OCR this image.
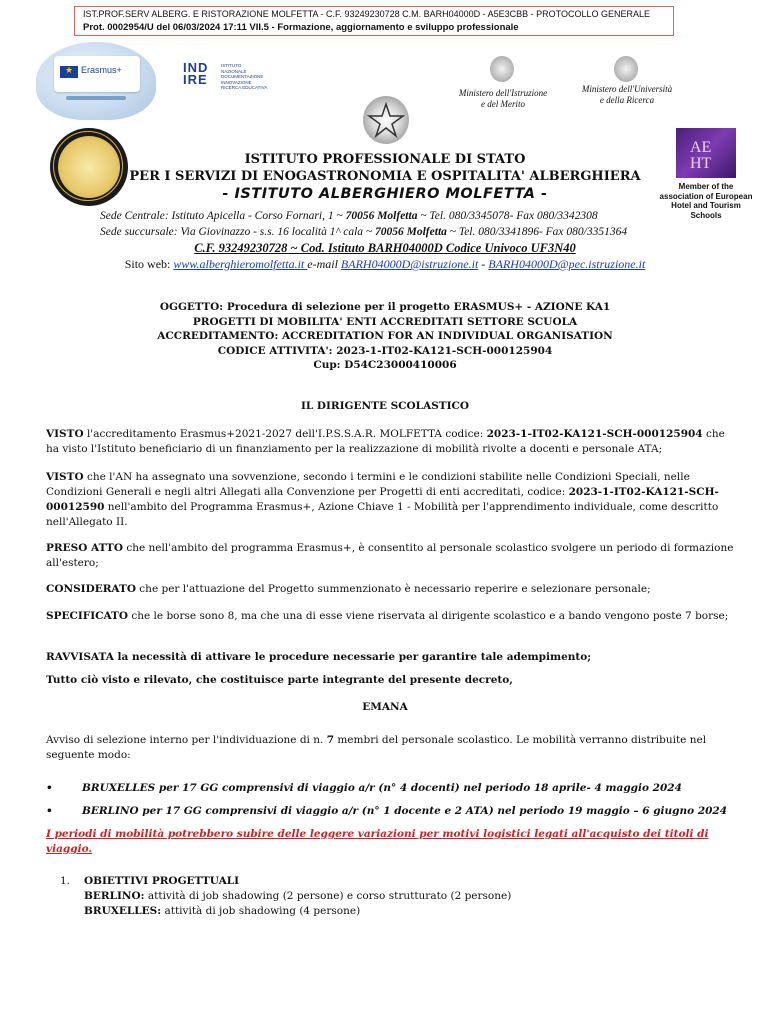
IST.PROF.SERV ALBERG. E RISTORAZIONE MOLFETTA - C.F. 93249230728 C.M. BARH04000D - A5E3CBB - PROTOCOLLO GENERALE
Prot. 0002954/U del 06/03/2024 17:11 VII.5 - Formazione, aggiornamento e sviluppo professionale
★ Erasmus+	IND
IRE
ISTITUTO
NAZIONALE
DOCUMENTAZIONE
INNOVAZIONE
RICERCA EDUCATIVA
Ministero dell'Istruzione
e del Merito
Ministero dell'Università
e della Ricerca
AE
HT
Member of the association of European Hotel and Tourism Schools
ISTITUTO PROFESSIONALE DI STATO
PER I SERVIZI DI ENOGASTRONOMIA E OSPITALITA' ALBERGHIERA
- ISTITUTO ALBERGHIERO MOLFETTA -
Sede Centrale: Istituto Apicella - Corso Fornari, 1 ~ 70056 Molfetta ~ Tel. 080/3345078- Fax 080/3342308
Sede succursale: Via Giovinazzo - s.s. 16 località 1^ cala ~ 70056 Molfetta ~ Tel. 080/3341896- Fax 080/3351364
C.F. 93249230728 ~ Cod. Istituto BARH04000D Codice Univoco UF3N40
Sito web: www.alberghieromolfetta.it e-mail BARH04000D@istruzione.it - BARH04000D@pec.istruzione.it
OGGETTO: Procedura di selezione per il progetto ERASMUS+ - AZIONE KA1
PROGETTI DI MOBILITA' ENTI ACCREDITATI SETTORE SCUOLA
ACCREDITAMENTO: ACCREDITATION FOR AN INDIVIDUAL ORGANISATION
CODICE ATTIVITA': 2023-1-IT02-KA121-SCH-000125904
Cup: D54C23000410006
IL DIRIGENTE SCOLASTICO
VISTO l'accreditamento Erasmus+2021-2027 dell'I.P.S.S.A.R. MOLFETTA codice: 2023-1-IT02-KA121-SCH-000125904 che ha visto l'Istituto beneficiario di un finanziamento per la realizzazione di mobilità rivolte a docenti e personale ATA;
VISTO che l'AN ha assegnato una sovvenzione, secondo i termini e le condizioni stabilite nelle Condizioni Speciali, nelle Condizioni Generali e negli altri Allegati alla Convenzione per Progetti di enti accreditati, codice: 2023-1-IT02-KA121-SCH-00012590 nell'ambito del Programma Erasmus+, Azione Chiave 1 - Mobilità per l'apprendimento individuale, come descritto nell'Allegato II.
PRESO ATTO che nell'ambito del programma Erasmus+, è consentito al personale scolastico svolgere un periodo di formazione all'estero;
CONSIDERATO che per l'attuazione del Progetto summenzionato è necessario reperire e selezionare personale;
SPECIFICATO che le borse sono 8, ma che una di esse viene riservata al dirigente scolastico e a bando vengono poste 7 borse;
RAVVISATA la necessità di attivare le procedure necessarie per garantire tale adempimento;
Tutto ciò visto e rilevato, che costituisce parte integrante del presente decreto,
EMANA
Avviso di selezione interno per l'individuazione di n. 7 membri del personale scolastico. Le mobilità verranno distribuite nel seguente modo:
•	BRUXELLES per 17 GG comprensivi di viaggio a/r (n° 4 docenti) nel periodo 18 aprile- 4 maggio 2024
•	BERLINO per 17 GG comprensivi di viaggio a/r (n° 1 docente e 2 ATA) nel periodo 19 maggio – 6 giugno 2024
I periodi di mobilità potrebbero subire delle leggere variazioni per motivi logistici legati all'acquisto dei titoli di viaggio.
1. OBIETTIVI PROGETTUALI
BERLINO: attività di job shadowing (2 persone) e corso strutturato (2 persone)
BRUXELLES: attività di job shadowing (4 persone)
